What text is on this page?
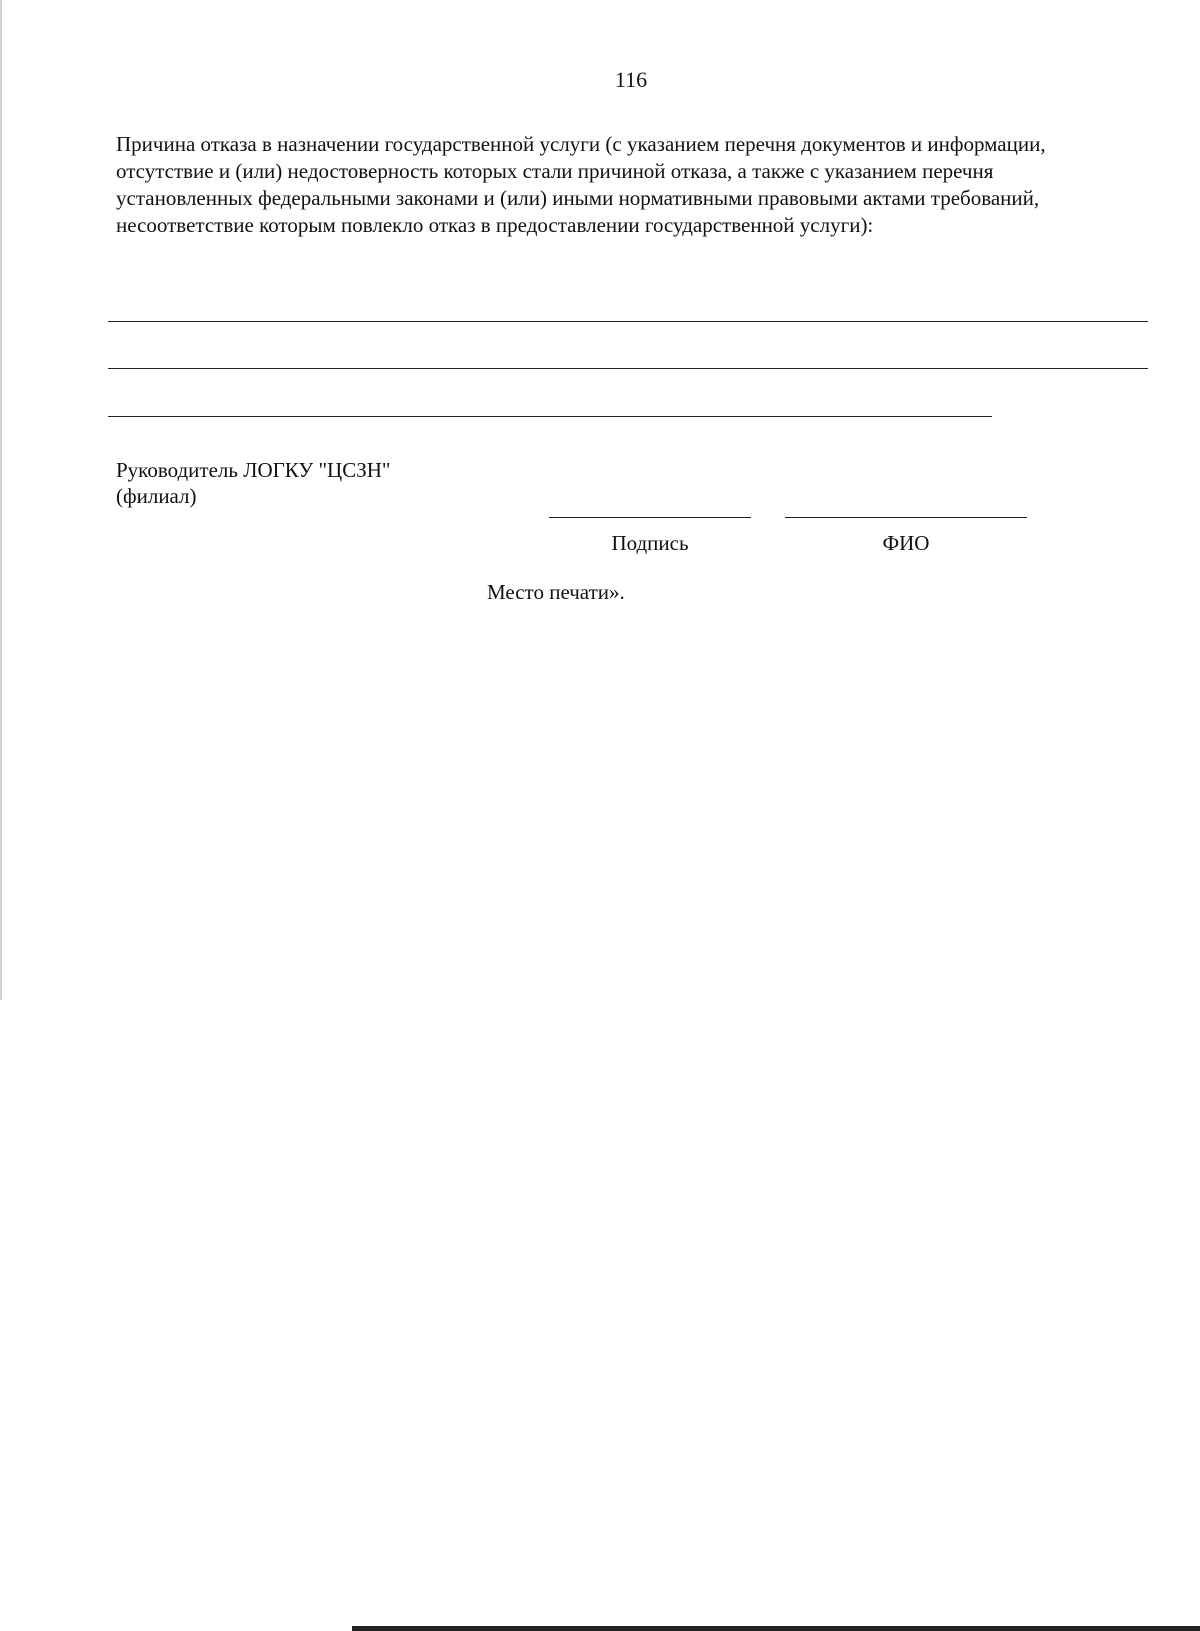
116

Причина отказа в назначении государственной услуги (с указанием перечня документов и информации, отсутствие и (или) недостоверность которых стали причиной отказа, а также с указанием перечня установленных федеральными законами и (или) иными нормативными правовыми актами требований, несоответствие которым повлекло отказ в предоставлении государственной услуги):

Руководитель ЛОГКУ "ЦСЗН"
(филиал)
Подпись	ФИО
Место печати».
